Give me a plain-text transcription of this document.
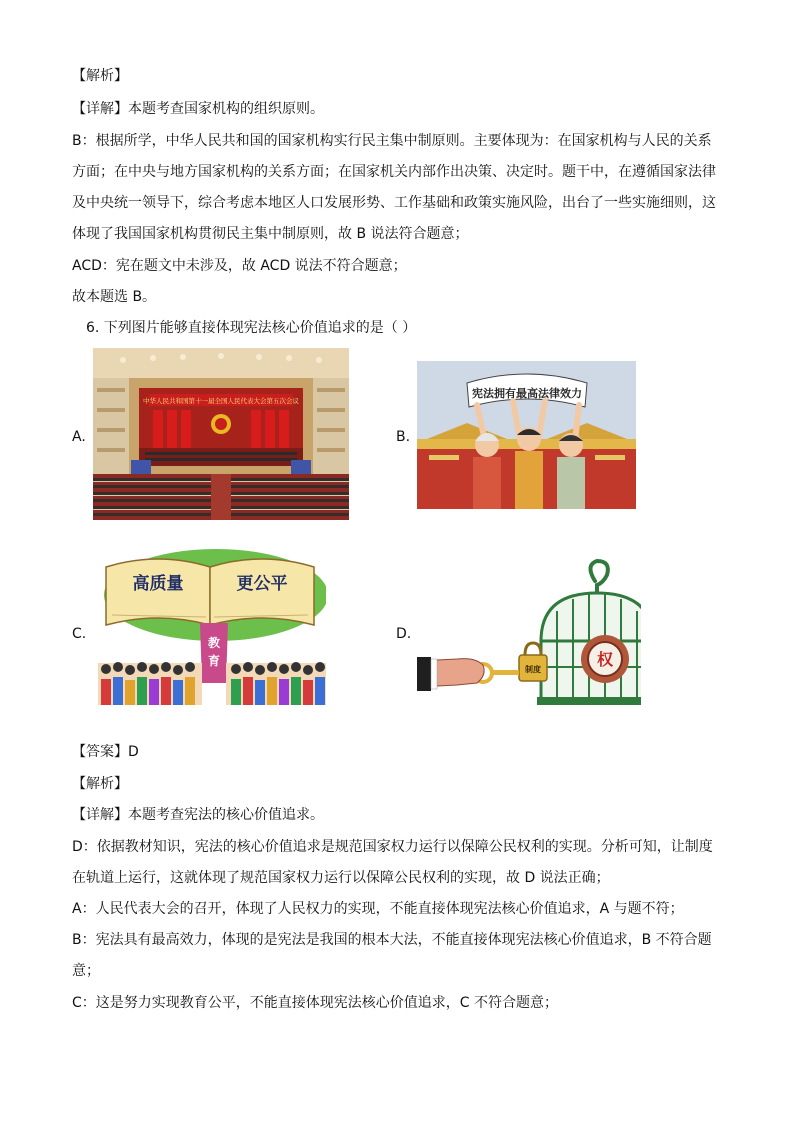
【解析】
【详解】本题考查国家机构的组织原则。
B：根据所学，中华人民共和国的国家机构实行民主集中制原则。主要体现为：在国家机构与人民的关系
方面；在中央与地方国家机构的关系方面；在国家机关内部作出决策、决定时。题干中，在遵循国家法律
及中央统一领导下，综合考虑本地区人口发展形势、工作基础和政策实施风险，出台了一些实施细则，这
体现了我国国家机构贯彻民主集中制原则，故 B 说法符合题意；
ACD：宪在题文中未涉及，故 ACD 说法不符合题意；
故本题选 B。
6. 下列图片能够直接体现宪法核心价值追求的是（ ）
A.	B.
C.	D.
中华人民共和国第十一届全国人民代表大会第五次会议
宪法拥有最高法律效力
高质量	更公平
教
育	权
制度
【答案】D
【解析】
【详解】本题考查宪法的核心价值追求。
D：依据教材知识，宪法的核心价值追求是规范国家权力运行以保障公民权利的实现。分析可知，让制度
在轨道上运行，这就体现了规范国家权力运行以保障公民权利的实现，故 D 说法正确；
A：人民代表大会的召开，体现了人民权力的实现，不能直接体现宪法核心价值追求，A 与题不符；
B：宪法具有最高效力，体现的是宪法是我国的根本大法，不能直接体现宪法核心价值追求，B 不符合题
意；
C：这是努力实现教育公平，不能直接体现宪法核心价值追求，C 不符合题意；
